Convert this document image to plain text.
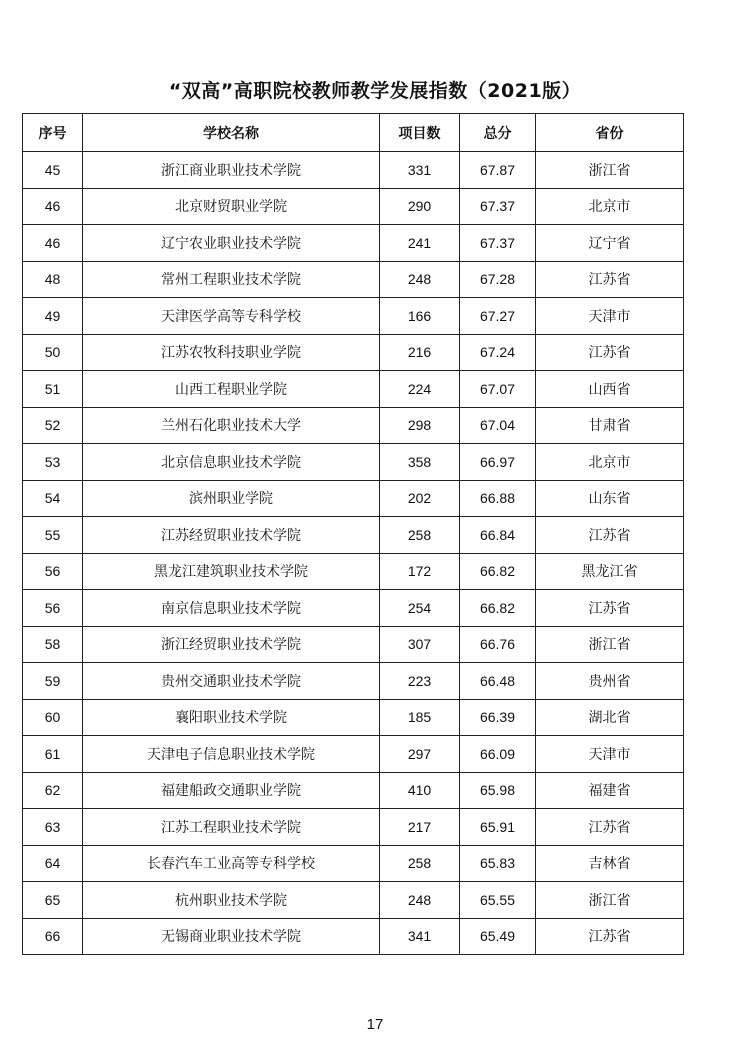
“双高”高职院校教师教学发展指数（2021版）
序号	学校名称	项目数	总分	省份
45	浙江商业职业技术学院	331	67.87	浙江省
46	北京财贸职业学院	290	67.37	北京市
46	辽宁农业职业技术学院	241	67.37	辽宁省
48	常州工程职业技术学院	248	67.28	江苏省
49	天津医学高等专科学校	166	67.27	天津市
50	江苏农牧科技职业学院	216	67.24	江苏省
51	山西工程职业学院	224	67.07	山西省
52	兰州石化职业技术大学	298	67.04	甘肃省
53	北京信息职业技术学院	358	66.97	北京市
54	滨州职业学院	202	66.88	山东省
55	江苏经贸职业技术学院	258	66.84	江苏省
56	黑龙江建筑职业技术学院	172	66.82	黑龙江省
56	南京信息职业技术学院	254	66.82	江苏省
58	浙江经贸职业技术学院	307	66.76	浙江省
59	贵州交通职业技术学院	223	66.48	贵州省
60	襄阳职业技术学院	185	66.39	湖北省
61	天津电子信息职业技术学院	297	66.09	天津市
62	福建船政交通职业学院	410	65.98	福建省
63	江苏工程职业技术学院	217	65.91	江苏省
64	长春汽车工业高等专科学校	258	65.83	吉林省
65	杭州职业技术学院	248	65.55	浙江省
66	无锡商业职业技术学院	341	65.49	江苏省
17
